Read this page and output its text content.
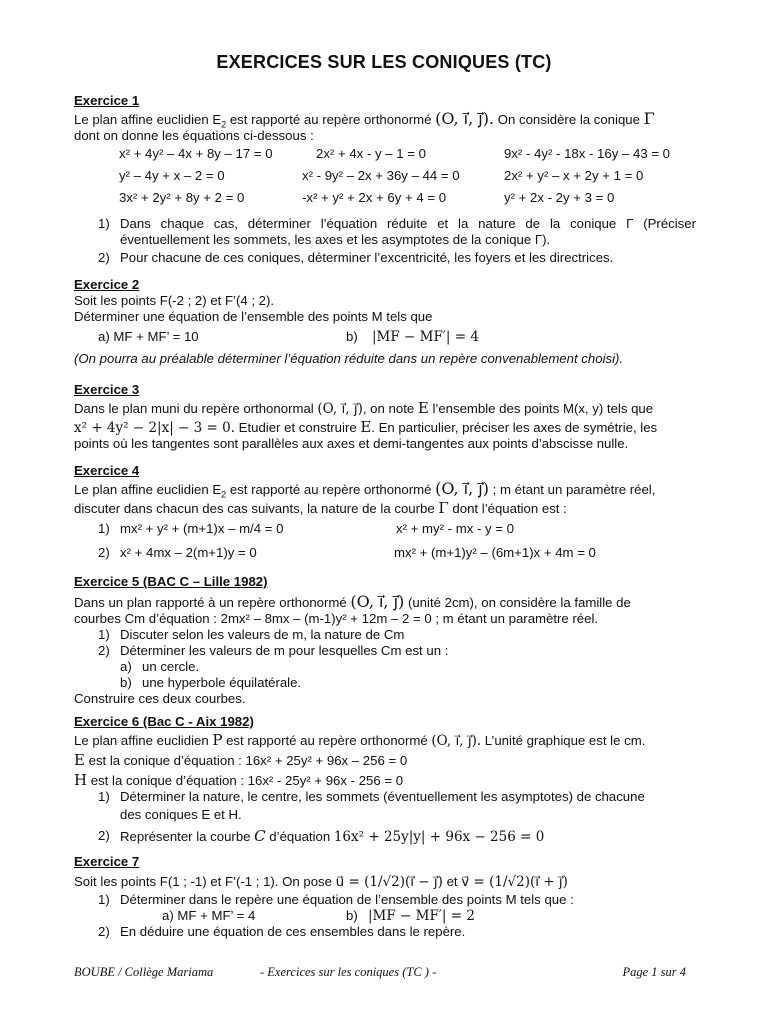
EXERCICES SUR LES CONIQUES (TC)
Exercice 1
Le plan affine euclidien $E_2$ est rapporté au repère orthonormé (O, ı⃗, ȷ⃗). On considère la conique Γ
dont on donne les équations ci-dessous :
x² + 4y² – 4x + 8y – 17 = 0	2x² + 4x - y – 1 = 0	9x² - 4y² - 18x - 16y – 43 = 0
y² – 4y + x – 2 = 0	x² - 9y² – 2x + 36y – 44 = 0	2x² + y² – x + 2y + 1 = 0
3x² + 2y² + 8y + 2 = 0	-x² + y² + 2x + 6y + 4 = 0	y² + 2x - 2y + 3 = 0
1) Dans chaque cas, déterminer l’équation réduite et la nature de la conique Γ (Préciser éventuellement les sommets, les axes et les asymptotes de la conique Γ).
2) Pour chacune de ces coniques, déterminer l’excentricité, les foyers et les directrices.
Exercice 2
Soit les points F(-2 ; 2) et F’(4 ; 2).
Déterminer une équation de l’ensemble des points M tels que
a) MF + MF’ = 10	b) |MF − MF′| = 4
(On pourra au préalable déterminer l’équation réduite dans un repère convenablement choisi).
Exercice 3
Dans le plan muni du repère orthonormal (O, ı⃗, ȷ⃗), on note E l’ensemble des points M(x, y) tels que
x² + 4y² − 2|x| − 3 = 0. Etudier et construire E. En particulier, préciser les axes de symétrie, les
points où les tangentes sont parallèles aux axes et demi-tangentes aux points d’abscisse nulle.
Exercice 4
Le plan affine euclidien $E_2$ est rapporté au repère orthonormé (O, ı⃗, ȷ⃗) ; m étant un paramètre réel,
discuter dans chacun des cas suivants, la nature de la courbe Γ dont l’équation est :
1) mx² + y² + (m+1)x – m/4 = 0	x² + my² - mx - y = 0
2) x² + 4mx – 2(m+1)y = 0	mx² + (m+1)y² – (6m+1)x + 4m = 0
Exercice 5 (BAC C – Lille 1982)
Dans un plan rapporté à un repère orthonormé (O, ı⃗, ȷ⃗) (unité 2cm), on considère la famille de
courbes Cm d’équation : 2mx² – 8mx – (m-1)y² + 12m – 2 = 0 ; m étant un paramètre réel.
1) Discuter selon les valeurs de m, la nature de Cm
2) Déterminer les valeurs de m pour lesquelles Cm est un :
a) un cercle.
b) une hyperbole équilatérale.
Construire ces deux courbes.
Exercice 6 (Bac C - Aix 1982)
Le plan affine euclidien P est rapporté au repère orthonormé (O, ı⃗, ȷ⃗). L’unité graphique est le cm.
E est la conique d’équation : 16x² + 25y² + 96x – 256 = 0
H est la conique d’équation : 16x² - 25y² + 96x - 256 = 0
1) Déterminer la nature, le centre, les sommets (éventuellement les asymptotes) de chacune
des coniques E et H.
2) Représenter la courbe C d’équation 16x² + 25y|y| + 96x − 256 = 0
Exercice 7
Soit les points F(1 ; -1) et F’(-1 ; 1). On pose u⃗ = (1/√2)(ı⃗ − ȷ⃗) et v⃗ = (1/√2)(ı⃗ + ȷ⃗)
1) Déterminer dans le repère une équation de l’ensemble des points M tels que :
a) MF + MF’ = 4	b) |MF − MF′| = 2
2) En déduire une équation de ces ensembles dans le repère.
BOUBE / Collège Mariama	- Exercices sur les coniques (TC ) -	Page 1 sur 4
